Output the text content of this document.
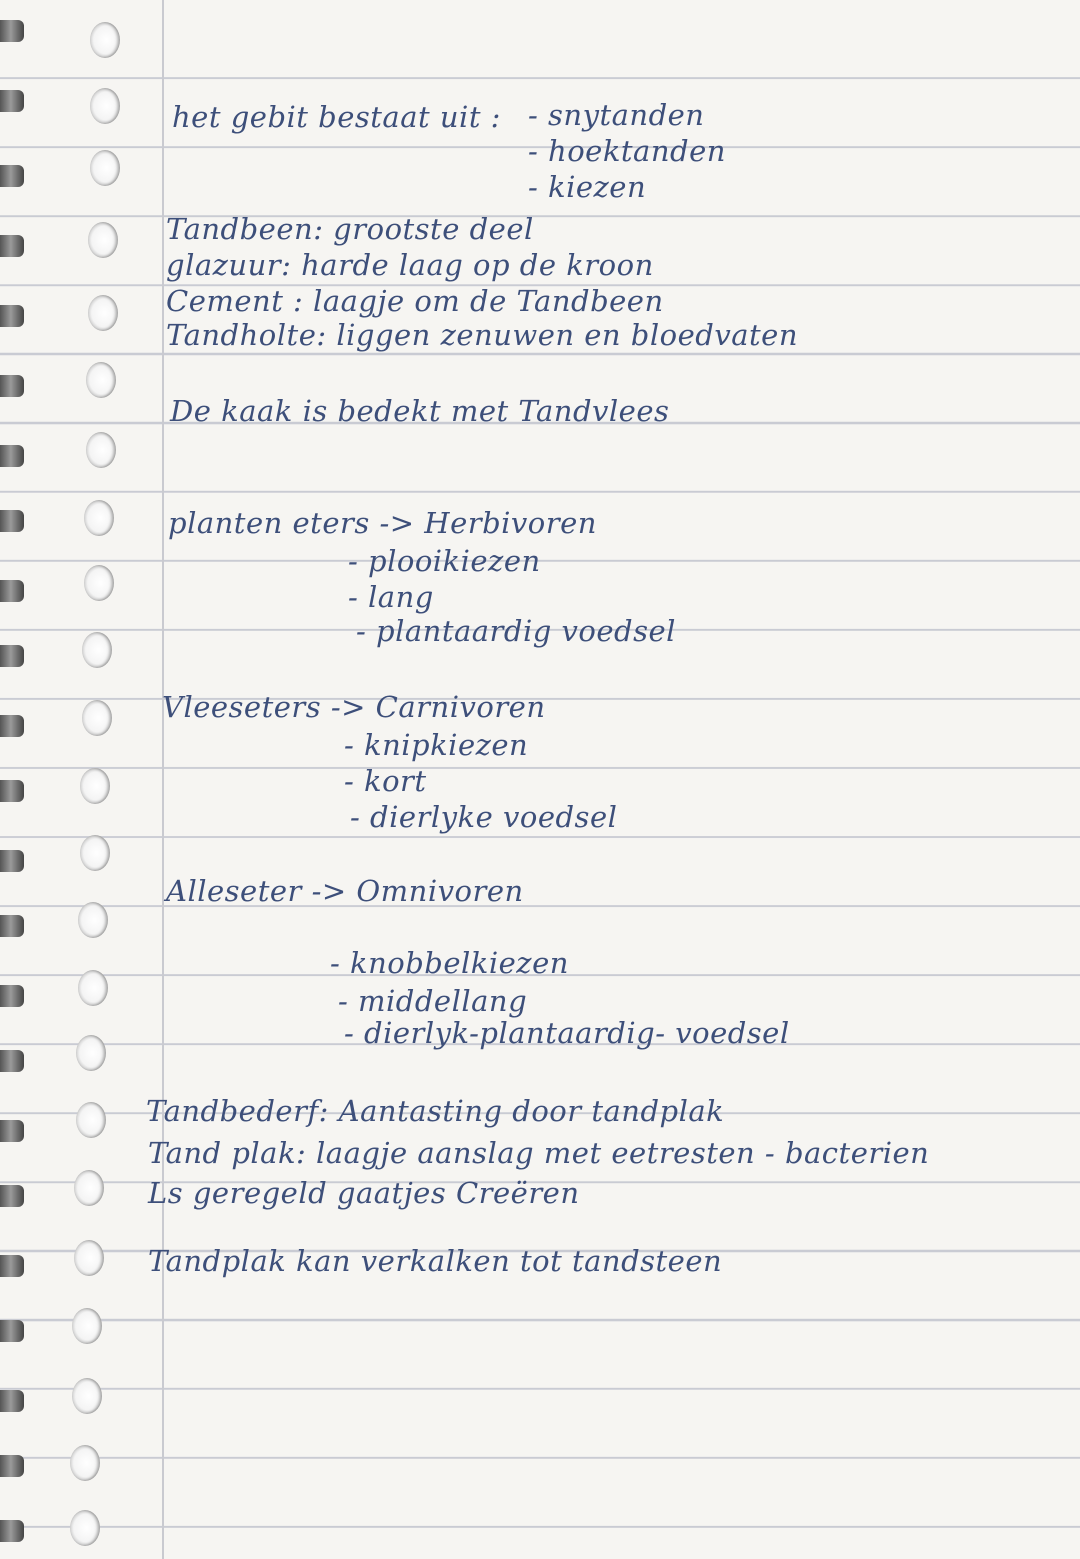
het gebit bestaat uit : - snytanden
- hoektanden
- kiezen
Tandbeen: grootste deel
glazuur: harde laag op de kroon
Cement : laagje om de Tandbeen
Tandholte: liggen zenuwen en bloedvaten
De kaak is bedekt met Tandvlees
planten eters -> Herbivoren
- plooikiezen
- lang
- plantaardig voedsel
Vleeseters -> Carnivoren
- knipkiezen
- kort
- dierlyke voedsel
Alleseter -> Omnivoren
- knobbelkiezen
- middellang
- dierlyk-plantaardig- voedsel
Tandbederf: Aantasting door tandplak
Tand plak: laagje aanslag met eetresten - bacterien
Ls geregeld gaatjes Creëren
Tandplak kan verkalken tot tandsteen
